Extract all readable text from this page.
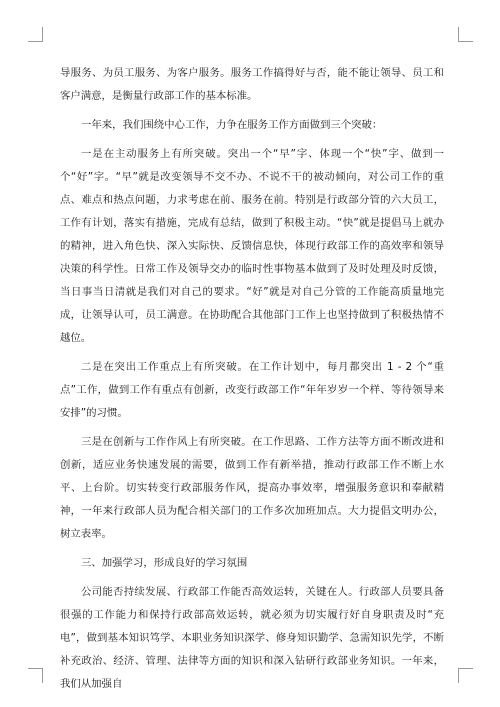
导服务、为员工服务、为客户服务。服务工作搞得好与否，能不能让领导、员工和客户满意，是衡量行政部工作的基本标准。

一年来，我们围绕中心工作，力争在服务工作方面做到三个突破：

一是在主动服务上有所突破。突出一个“早”字、体现一个“快”字、做到一个“好”字。“早”就是改变领导不交不办、不说不干的被动倾向，对公司工作的重点、难点和热点问题，力求考虑在前、服务在前。特别是行政部分管的六大员工，工作有计划，落实有措施，完成有总结，做到了积极主动。“快”就是提倡马上就办的精神，进入角色快、深入实际快、反馈信息快，体现行政部工作的高效率和领导决策的科学性。日常工作及领导交办的临时性事物基本做到了及时处理及时反馈，当日事当日清就是我们对自己的要求。“好”就是对自己分管的工作能高质量地完成，让领导认可，员工满意。在协助配合其他部门工作上也坚持做到了积极热情不越位。

二是在突出工作重点上有所突破。在工作计划中，每月都突出 1 - 2 个“重点”工作，做到工作有重点有创新，改变行政部工作“年年岁岁一个样、等待领导来安排”的习惯。

三是在创新与工作作风上有所突破。在工作思路、工作方法等方面不断改进和创新，适应业务快速发展的需要，做到工作有新举措，推动行政部工作不断上水平、上台阶。切实转变行政部服务作风，提高办事效率，增强服务意识和奉献精神，一年来行政部人员为配合相关部门的工作多次加班加点。大力提倡文明办公，树立表率。

三、加强学习，形成良好的学习氛围

公司能否持续发展、行政部工作能否高效运转，关键在人。行政部人员要具备很强的工作能力和保持行政部高效运转，就必须为切实履行好自身职责及时“充电”，做到基本知识笃学、本职业务知识深学、修身知识勤学、急需知识先学，不断补充政治、经济、管理、法律等方面的知识和深入钻研行政部业务知识。一年来，我们从加强自
